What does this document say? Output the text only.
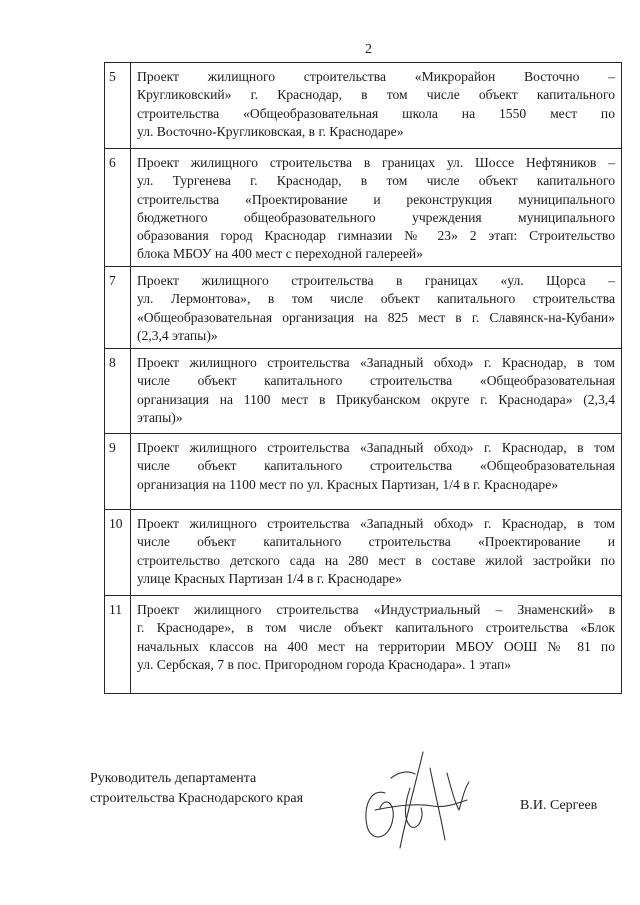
2
5	Проект жилищного строительства «Микрорайон Восточно –
Кругликовский» г. Краснодар, в том числе объект капитального
строительства «Общеобразовательная школа на 1550 мест по
ул. Восточно-Кругликовская, в г. Краснодаре»
6	Проект жилищного строительства в границах ул. Шоссе Нефтяников –
ул. Тургенева г. Краснодар, в том числе объект капитального
строительства «Проектирование и реконструкция муниципального
бюджетного общеобразовательного учреждения муниципального
образования город Краснодар гимназии № 23» 2 этап: Строительство
блока МБОУ на 400 мест с переходной галереей»
7	Проект жилищного строительства в границах «ул. Щорса –
ул. Лермонтова», в том числе объект капитального строительства
«Общеобразовательная организация на 825 мест в г. Славянск-на-Кубани»
(2,3,4 этапы)»
8	Проект жилищного строительства «Западный обход» г. Краснодар, в том
числе объект капитального строительства «Общеобразовательная
организация на 1100 мест в Прикубанском округе г. Краснодара» (2,3,4
этапы)»
9	Проект жилищного строительства «Западный обход» г. Краснодар, в том
числе объект капитального строительства «Общеобразовательная
организация на 1100 мест по ул. Красных Партизан, 1/4 в г. Краснодаре»
10	Проект жилищного строительства «Западный обход» г. Краснодар, в том
числе объект капитального строительства «Проектирование и
строительство детского сада на 280 мест в составе жилой застройки по
улице Красных Партизан 1/4 в г. Краснодаре»
11	Проект жилищного строительства «Индустриальный – Знаменский» в
г. Краснодаре», в том числе объект капитального строительства «Блок
начальных классов на 400 мест на территории МБОУ ООШ № 81 по
ул. Сербская, 7 в пос. Пригородном города Краснодара». 1 этап»
Руководитель департамента
строительства Краснодарского края	В.И. Сергеев
